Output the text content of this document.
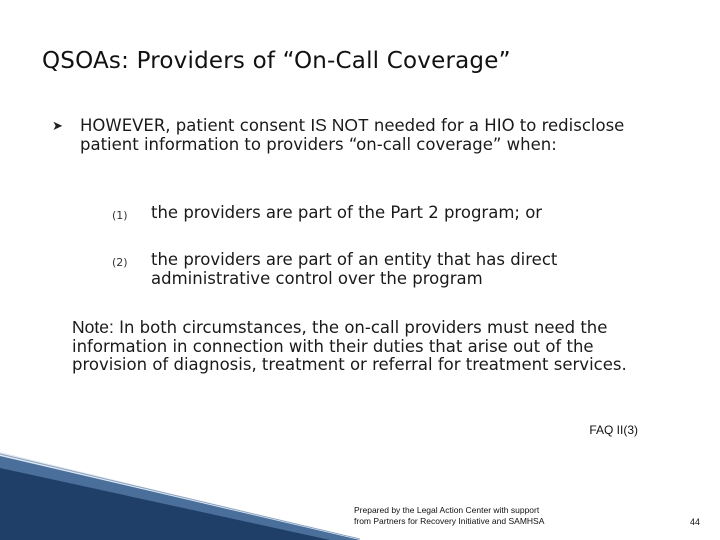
QSOAs: Providers of “On-Call Coverage”
➤ HOWEVER, patient consent IS NOT needed for a HIO to redisclose patient information to providers “on-call coverage” when:
(1) the providers are part of the Part 2 program; or
(2) the providers are part of an entity that has direct administrative control over the program
Note: In both circumstances, the on-call providers must need the information in connection with their duties that arise out of the provision of diagnosis, treatment or referral for treatment services.
FAQ II(3)
Prepared by the Legal Action Center with support
from Partners for Recovery Initiative and SAMHSA	44
